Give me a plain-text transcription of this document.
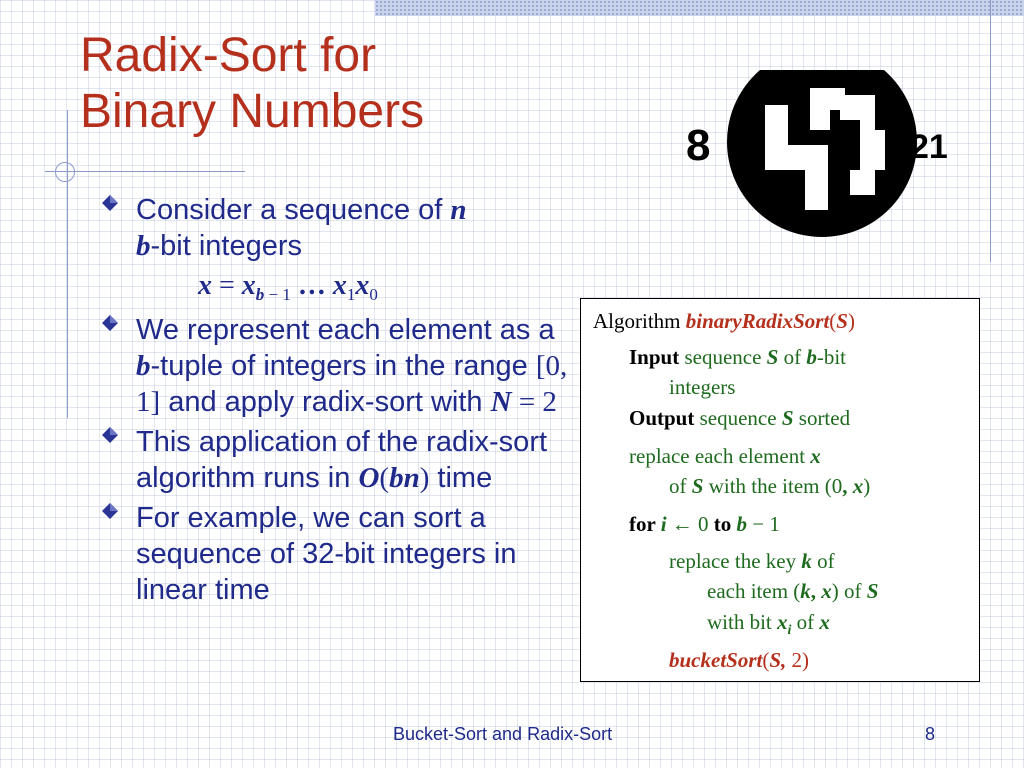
Radix-Sort for
Binary Numbers
8	21
Consider a sequence of n
b-bit integers
$x = x_{b - 1}$ … $x_1x_0$
We represent each element as a b-tuple of integers in the range [0, 1] and apply radix-sort with N = 2
This application of the radix-sort algorithm runs in O(bn) time
For example, we can sort a sequence of 32-bit integers in linear time
Algorithm binaryRadixSort(S)
Input sequence S of b-bit
integers
Output sequence S sorted
replace each element x
of S with the item (0, x)
for i ← 0 to b − 1
replace the key k of
each item (k, x) of S
with bit $x_i$ of x
bucketSort(S, 2)
Bucket-Sort and Radix-Sort	8
